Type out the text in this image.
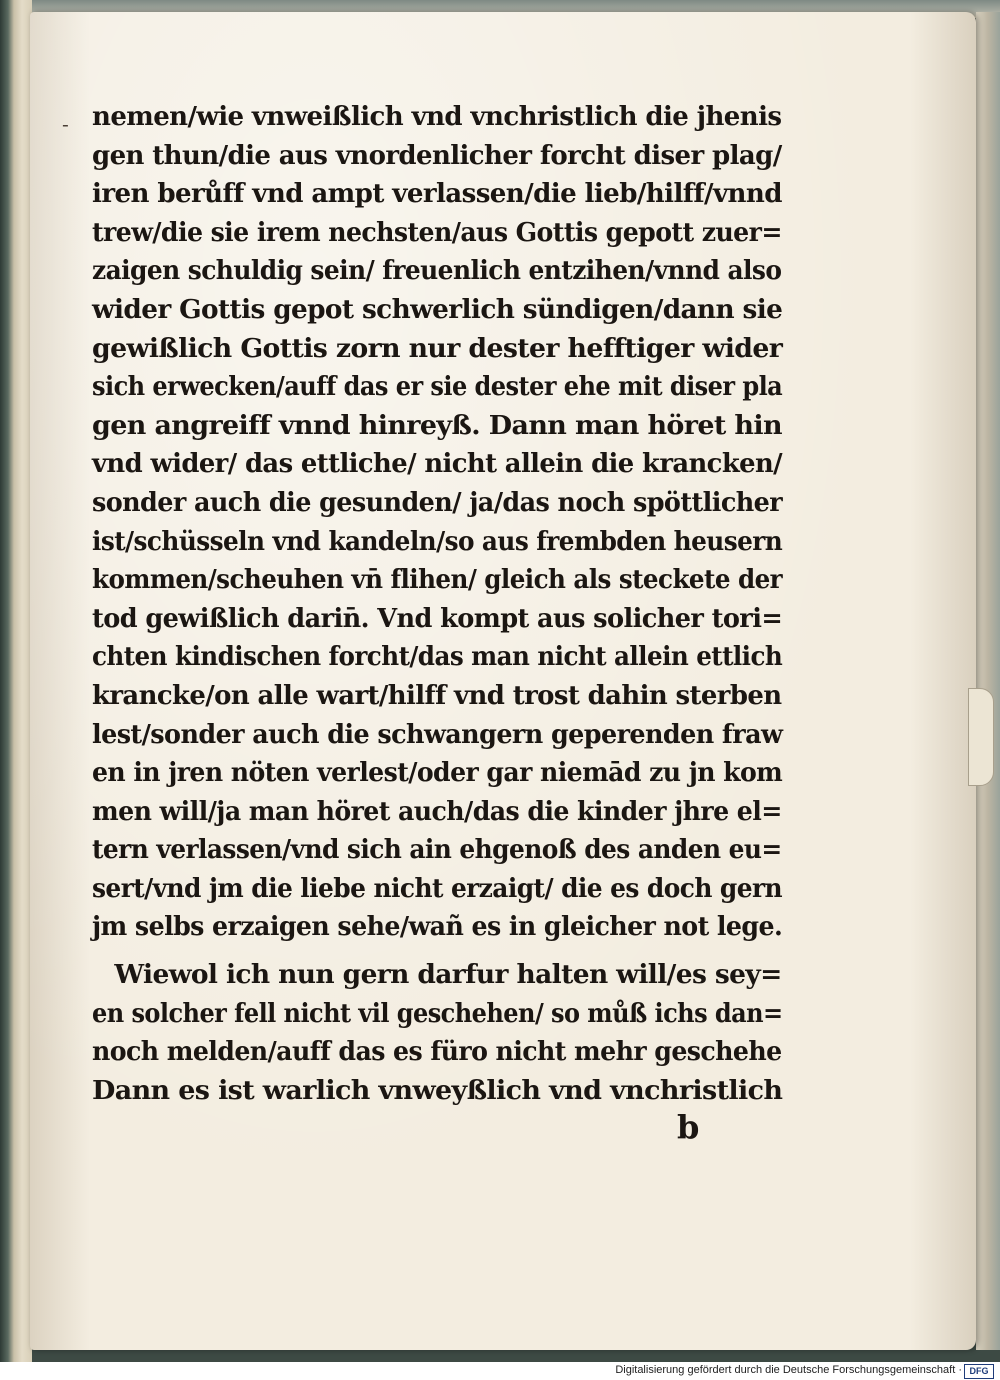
- nemen/wie vnweißlich vnd vnchristlich die jhenis
gen thun/die aus vnordenlicher forcht diser plag/
iren berůff vnd ampt verlassen/die lieb/hilff/vnnd
trew/die sie irem nechsten/aus Gottis gepott zuer=
zaigen schuldig sein/ freuenlich entzihen/vnnd also
wider Gottis gepot schwerlich sündigen/dann sie
gewißlich Gottis zorn nur dester hefftiger wider
sich erwecken/auff das er sie dester ehe mit diser pla
gen angreiff vnnd hinreyß. Dann man höret hin
vnd wider/ das ettliche/ nicht allein die krancken/
sonder auch die gesunden/ ja/das noch spöttlicher
ist/schüsseln vnd kandeln/so aus frembden heusern
kommen/scheuhen vn̄ flihen/ gleich als steckete der
tod gewißlich darin̄. Vnd kompt aus solicher tori=
chten kindischen forcht/das man nicht allein ettlich
krancke/on alle wart/hilff vnd trost dahin sterben
lest/sonder auch die schwangern geperenden fraw
en in jren nöten verlest/oder gar niemād zu jn kom
men will/ja man höret auch/das die kinder jhre el=
tern verlassen/vnd sich ain ehgenoß des anden eu=
sert/vnd jm die liebe nicht erzaigt/ die es doch gern
jm selbs erzaigen sehe/wañ es in gleicher not lege.
Wiewol ich nun gern darfur halten will/es sey=
en solcher fell nicht vil geschehen/ so můß ichs dan=
noch melden/auff das es füro nicht mehr geschehe
Dann es ist warlich vnweyßlich vnd vnchristlich
b
Digitalisierung gefördert durch die Deutsche Forschungsgemeinschaft · DFG
